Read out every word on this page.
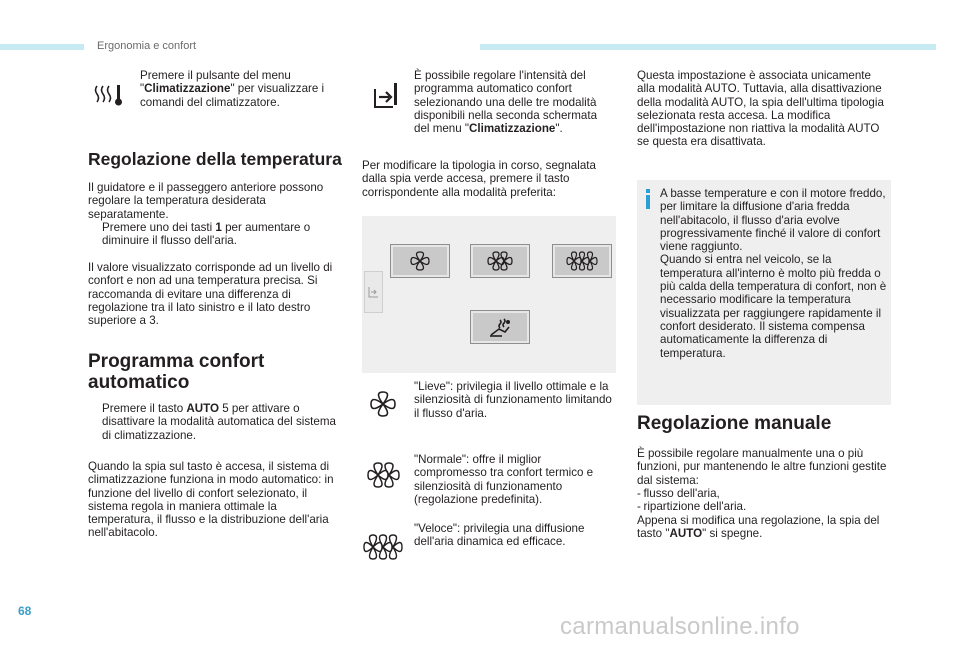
Ergonomia e confort
Premere il pulsante del menu "Climatizzazione" per visualizzare i comandi del climatizzatore.
Regolazione della temperatura
Il guidatore e il passeggero anteriore possono regolare la temperatura desiderata separatamente.
Premere uno dei tasti 1 per aumentare o diminuire il flusso dell'aria.
Il valore visualizzato corrisponde ad un livello di confort e non ad una temperatura precisa. Si raccomanda di evitare una differenza di regolazione tra il lato sinistro e il lato destro superiore a 3.
Programma confort automatico
Premere il tasto AUTO 5 per attivare o disattivare la modalità automatica del sistema di climatizzazione.
Quando la spia sul tasto è accesa, il sistema di climatizzazione funziona in modo automatico: in funzione del livello di confort selezionato, il sistema regola in maniera ottimale la temperatura, il flusso e la distribuzione dell'aria nell'abitacolo.
È possibile regolare l'intensità del programma automatico confort selezionando una delle tre modalità disponibili nella seconda schermata del menu "Climatizzazione".
Per modificare la tipologia in corso, segnalata dalla spia verde accesa, premere il tasto corrispondente alla modalità preferita:
"Lieve": privilegia il livello ottimale e la silenziosità di funzionamento limitando il flusso d'aria.
"Normale": offre il miglior compromesso tra confort termico e silenziosità di funzionamento (regolazione predefinita).
"Veloce": privilegia una diffusione dell'aria dinamica ed efficace.
Questa impostazione è associata unicamente alla modalità AUTO. Tuttavia, alla disattivazione della modalità AUTO, la spia dell'ultima tipologia selezionata resta accesa. La modifica dell'impostazione non riattiva la modalità AUTO se questa era disattivata.
A basse temperature e con il motore freddo, per limitare la diffusione d'aria fredda nell'abitacolo, il flusso d'aria evolve progressivamente finché il valore di confort viene raggiunto.
Quando si entra nel veicolo, se la temperatura all'interno è molto più fredda o più calda della temperatura di confort, non è necessario modificare la temperatura visualizzata per raggiungere rapidamente il confort desiderato. Il sistema compensa automaticamente la differenza di temperatura.
Regolazione manuale
È possibile regolare manualmente una o più funzioni, pur mantenendo le altre funzioni gestite dal sistema:
-	flusso dell'aria,
-	ripartizione dell'aria.
Appena si modifica una regolazione, la spia del tasto "AUTO" si spegne.
68
carmanualsonline.info
